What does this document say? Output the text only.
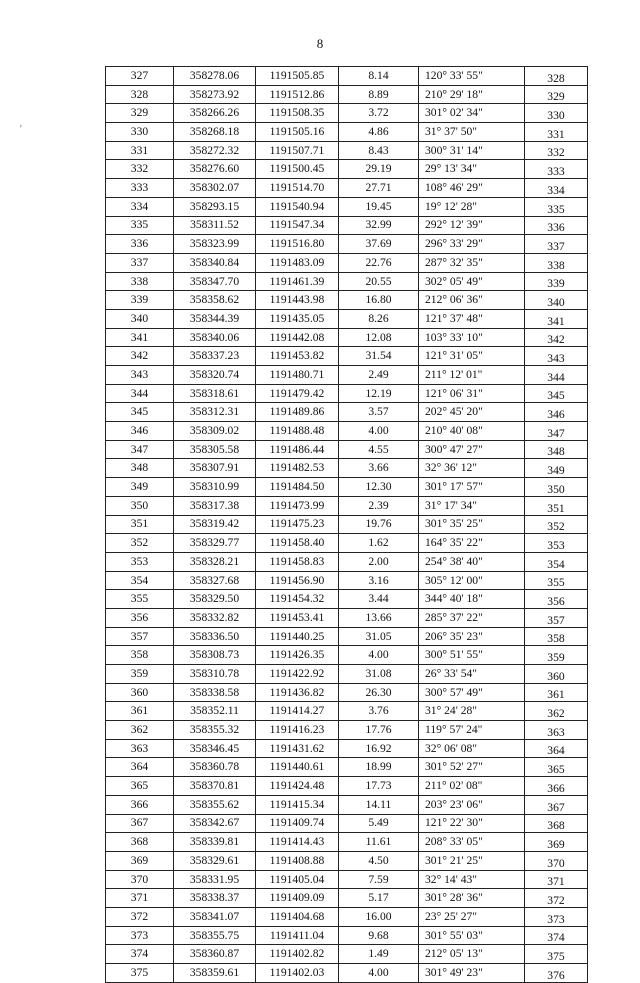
8
'
327	358278.06	1191505.85	8.14	120° 33' 55"	328
328	358273.92	1191512.86	8.89	210° 29' 18"	329
329	358266.26	1191508.35	3.72	301° 02' 34"	330
330	358268.18	1191505.16	4.86	31° 37' 50"	331
331	358272.32	1191507.71	8.43	300° 31' 14"	332
332	358276.60	1191500.45	29.19	29° 13' 34"	333
333	358302.07	1191514.70	27.71	108° 46' 29"	334
334	358293.15	1191540.94	19.45	19° 12' 28"	335
335	358311.52	1191547.34	32.99	292° 12' 39"	336
336	358323.99	1191516.80	37.69	296° 33' 29"	337
337	358340.84	1191483.09	22.76	287° 32' 35"	338
338	358347.70	1191461.39	20.55	302° 05' 49"	339
339	358358.62	1191443.98	16.80	212° 06' 36"	340
340	358344.39	1191435.05	8.26	121° 37' 48"	341
341	358340.06	1191442.08	12.08	103° 33' 10"	342
342	358337.23	1191453.82	31.54	121° 31' 05"	343
343	358320.74	1191480.71	2.49	211° 12' 01"	344
344	358318.61	1191479.42	12.19	121° 06' 31"	345
345	358312.31	1191489.86	3.57	202° 45' 20"	346
346	358309.02	1191488.48	4.00	210° 40' 08"	347
347	358305.58	1191486.44	4.55	300° 47' 27"	348
348	358307.91	1191482.53	3.66	32° 36' 12"	349
349	358310.99	1191484.50	12.30	301° 17' 57"	350
350	358317.38	1191473.99	2.39	31° 17' 34"	351
351	358319.42	1191475.23	19.76	301° 35' 25"	352
352	358329.77	1191458.40	1.62	164° 35' 22"	353
353	358328.21	1191458.83	2.00	254° 38' 40"	354
354	358327.68	1191456.90	3.16	305° 12' 00"	355
355	358329.50	1191454.32	3.44	344° 40' 18"	356
356	358332.82	1191453.41	13.66	285° 37' 22"	357
357	358336.50	1191440.25	31.05	206° 35' 23"	358
358	358308.73	1191426.35	4.00	300° 51' 55"	359
359	358310.78	1191422.92	31.08	26° 33' 54"	360
360	358338.58	1191436.82	26.30	300° 57' 49"	361
361	358352.11	1191414.27	3.76	31° 24' 28"	362
362	358355.32	1191416.23	17.76	119° 57' 24"	363
363	358346.45	1191431.62	16.92	32° 06' 08"	364
364	358360.78	1191440.61	18.99	301° 52' 27"	365
365	358370.81	1191424.48	17.73	211° 02' 08"	366
366	358355.62	1191415.34	14.11	203° 23' 06"	367
367	358342.67	1191409.74	5.49	121° 22' 30"	368
368	358339.81	1191414.43	11.61	208° 33' 05"	369
369	358329.61	1191408.88	4.50	301° 21' 25"	370
370	358331.95	1191405.04	7.59	32° 14' 43"	371
371	358338.37	1191409.09	5.17	301° 28' 36"	372
372	358341.07	1191404.68	16.00	23° 25' 27"	373
373	358355.75	1191411.04	9.68	301° 55' 03"	374
374	358360.87	1191402.82	1.49	212° 05' 13"	375
375	358359.61	1191402.03	4.00	301° 49' 23"	376
